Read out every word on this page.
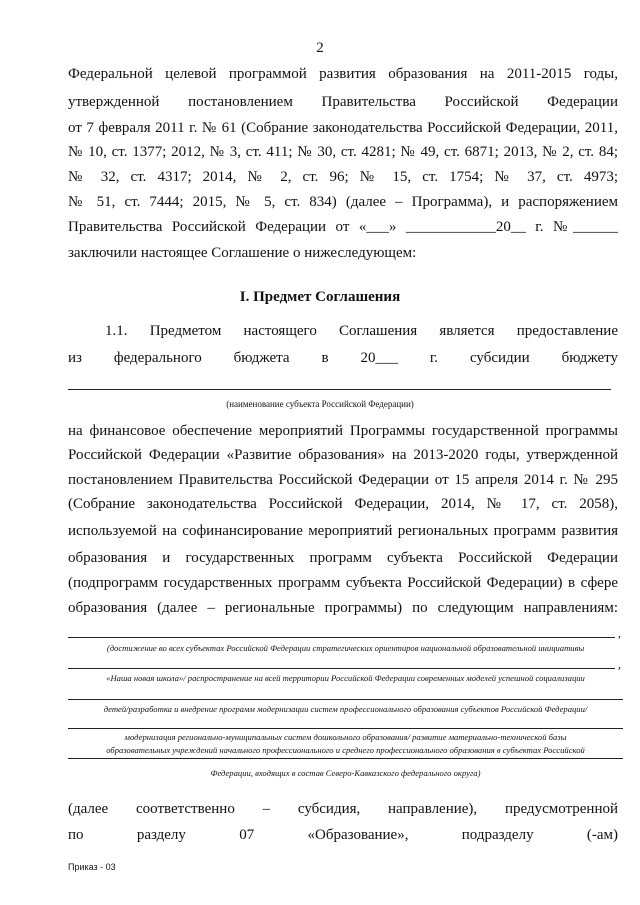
2
Федеральной целевой программой развития образования на 2011-2015 годы,
утвержденной постановлением Правительства Российской Федерации
от 7 февраля 2011 г. № 61 (Собрание законодательства Российской Федерации, 2011,
№ 10, ст. 1377; 2012, № 3, ст. 411; № 30, ст. 4281; № 49, ст. 6871; 2013, № 2, ст. 84;
№ 32, ст. 4317; 2014, № 2, ст. 96; № 15, ст. 1754; № 37, ст. 4973;
№ 51, ст. 7444; 2015, № 5, ст. 834) (далее – Программа), и распоряжением
Правительства Российской Федерации от «___» ____________20__ г. №______
заключили настоящее Соглашение о нижеследующем:
I. Предмет Соглашения
1.1. Предметом настоящего Соглашения является предоставление
из федерального бюджета в 20___ г. субсидии бюджету
(наименование субъекта Российской Федерации)
на финансовое обеспечение мероприятий Программы государственной программы
Российской Федерации «Развитие образования» на 2013-2020 годы, утвержденной
постановлением Правительства Российской Федерации от 15 апреля 2014 г. № 295
(Собрание законодательства Российской Федерации, 2014, № 17, ст. 2058),
используемой на софинансирование мероприятий региональных программ развития
образования и государственных программ субъекта Российской Федерации
(подпрограмм государственных программ субъекта Российской Федерации) в сфере
образования (далее – региональные программы) по следующим направлениям:
,
(достижение во всех субъектах Российской Федерации стратегических ориентиров национальной образовательной инициативы
,
«Наша новая школа»/ распространение на всей территории Российской Федерации современных моделей успешной социализации
детей/разработка и внедрение программ модернизации систем профессионального образования субъектов Российской Федерации/
модернизация регионально-муниципальных систем дошкольного образования/ развитие материально-технической базы
образовательных учреждений начального профессионального и среднего профессионального образования в субъектах Российской
Федерации, входящих в состав Северо-Кавказского федерального округа)
(далее соответственно – субсидия, направление), предусмотренной
по разделу 07 «Образование», подразделу (-ам)
Приказ - 03
